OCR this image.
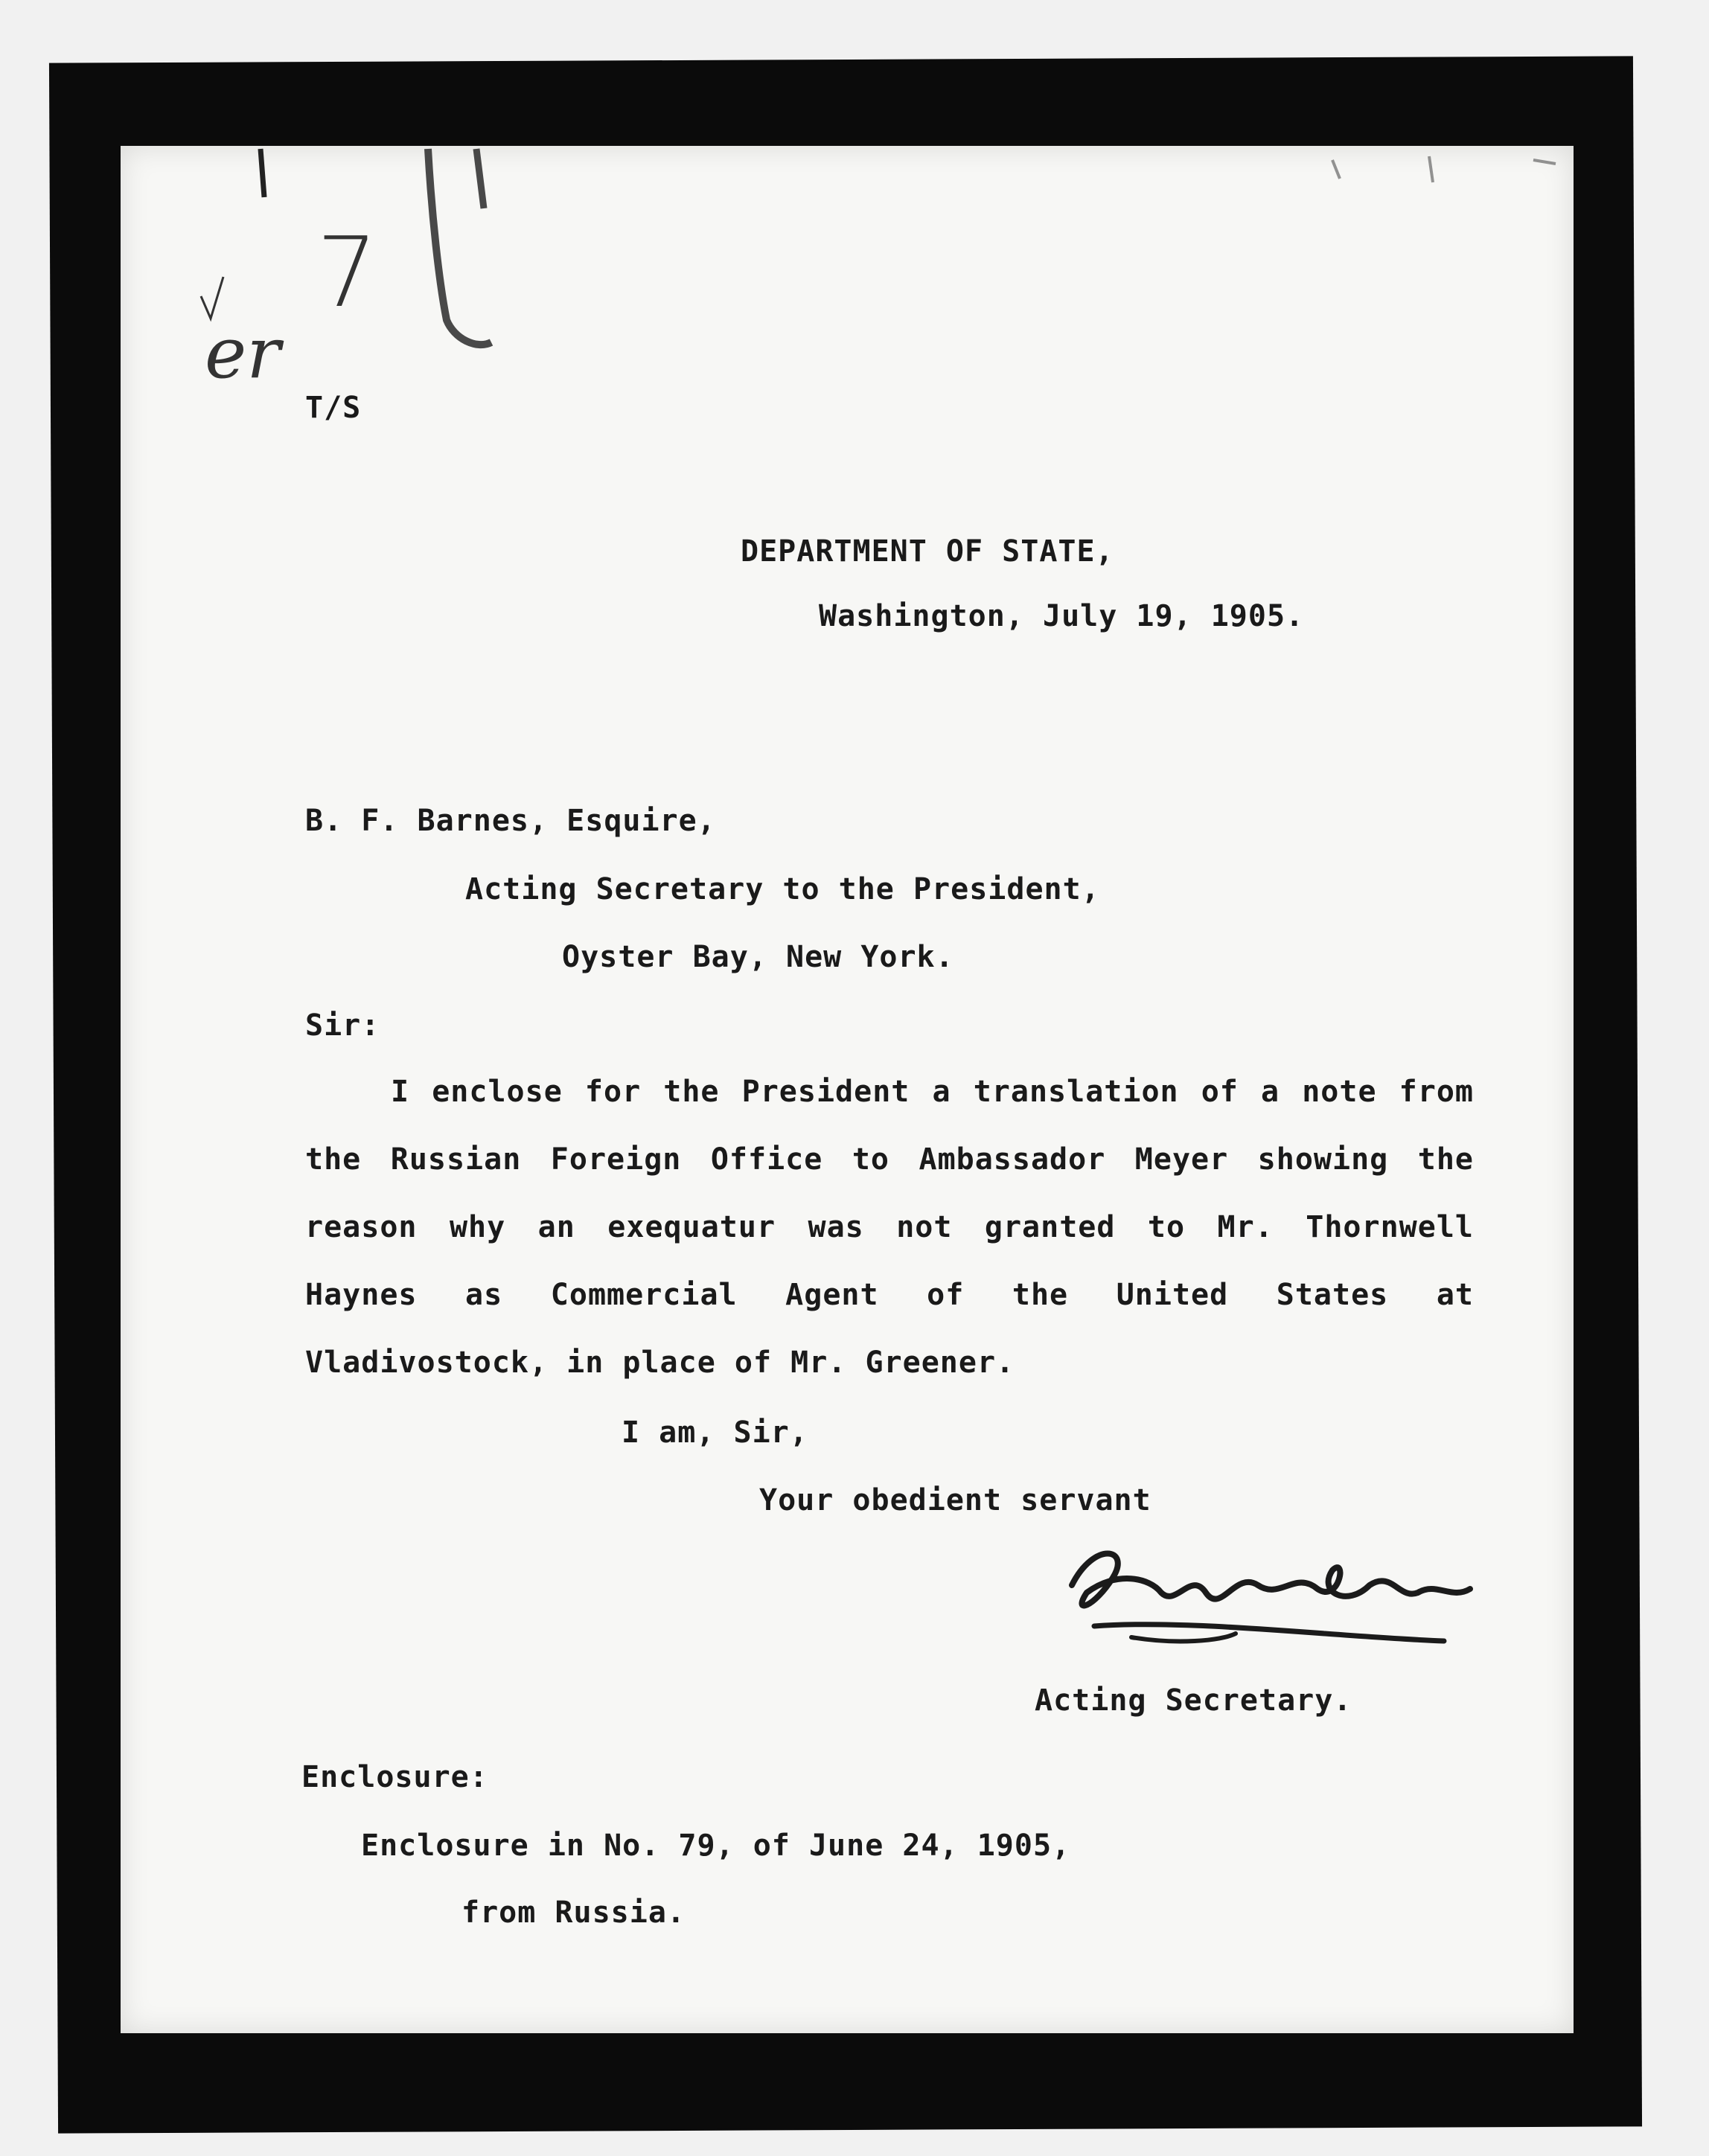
7
er

T/S

DEPARTMENT OF STATE,

Washington, July 19, 1905.

B. F. Barnes, Esquire,

Acting Secretary to the President,

Oyster Bay, New York.

Sir:

I enclose for the President a translation of a note from the Russian Foreign Office to Ambassador Meyer showing the reason why an exequatur was not granted to Mr. Thornwell Haynes as Commercial Agent of the United States at Vladivostock, in place of Mr. Greener.

I am, Sir,

Your obedient servant

Acting Secretary.

Enclosure:

Enclosure in No. 79, of June 24, 1905,

from Russia.
